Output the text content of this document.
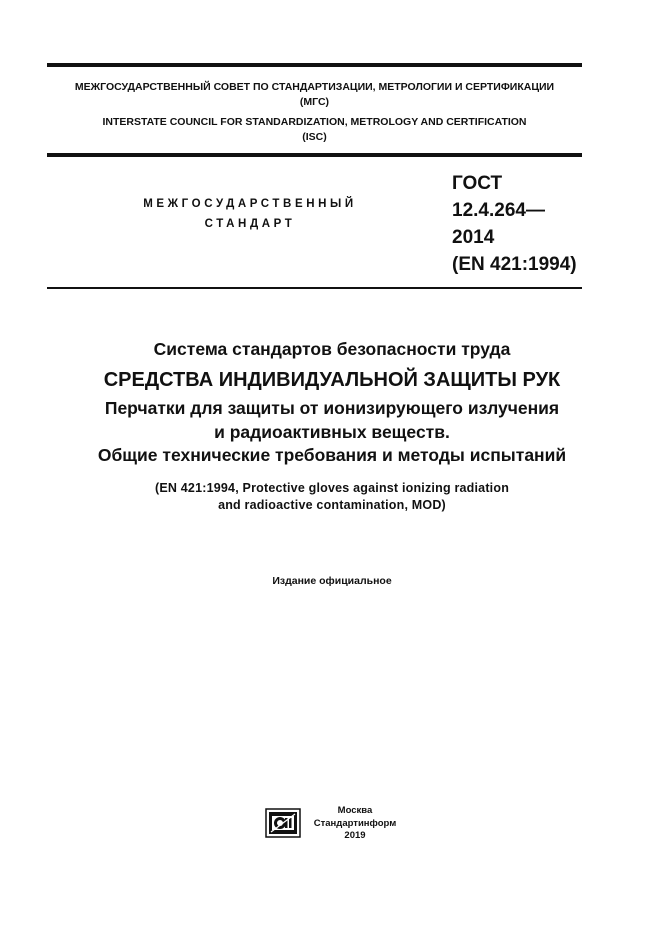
МЕЖГОСУДАРСТВЕННЫЙ СОВЕТ ПО СТАНДАРТИЗАЦИИ, МЕТРОЛОГИИ И СЕРТИФИКАЦИИ
(МГС)
INTERSTATE COUNCIL FOR STANDARDIZATION, METROLOGY AND CERTIFICATION
(ISC)
МЕЖГОСУДАРСТВЕННЫЙ
СТАНДАРТ
ГОСТ
12.4.264—
2014
(EN 421:1994)
Система стандартов безопасности труда
СРЕДСТВА ИНДИВИДУАЛЬНОЙ ЗАЩИТЫ РУК
Перчатки для защиты от ионизирующего излучения
и радиоактивных веществ.
Общие технические требования и методы испытаний
(EN 421:1994, Protective gloves against ionizing radiation
and radioactive contamination, MOD)
Издание официальное
Москва
Стандартинформ
2019
